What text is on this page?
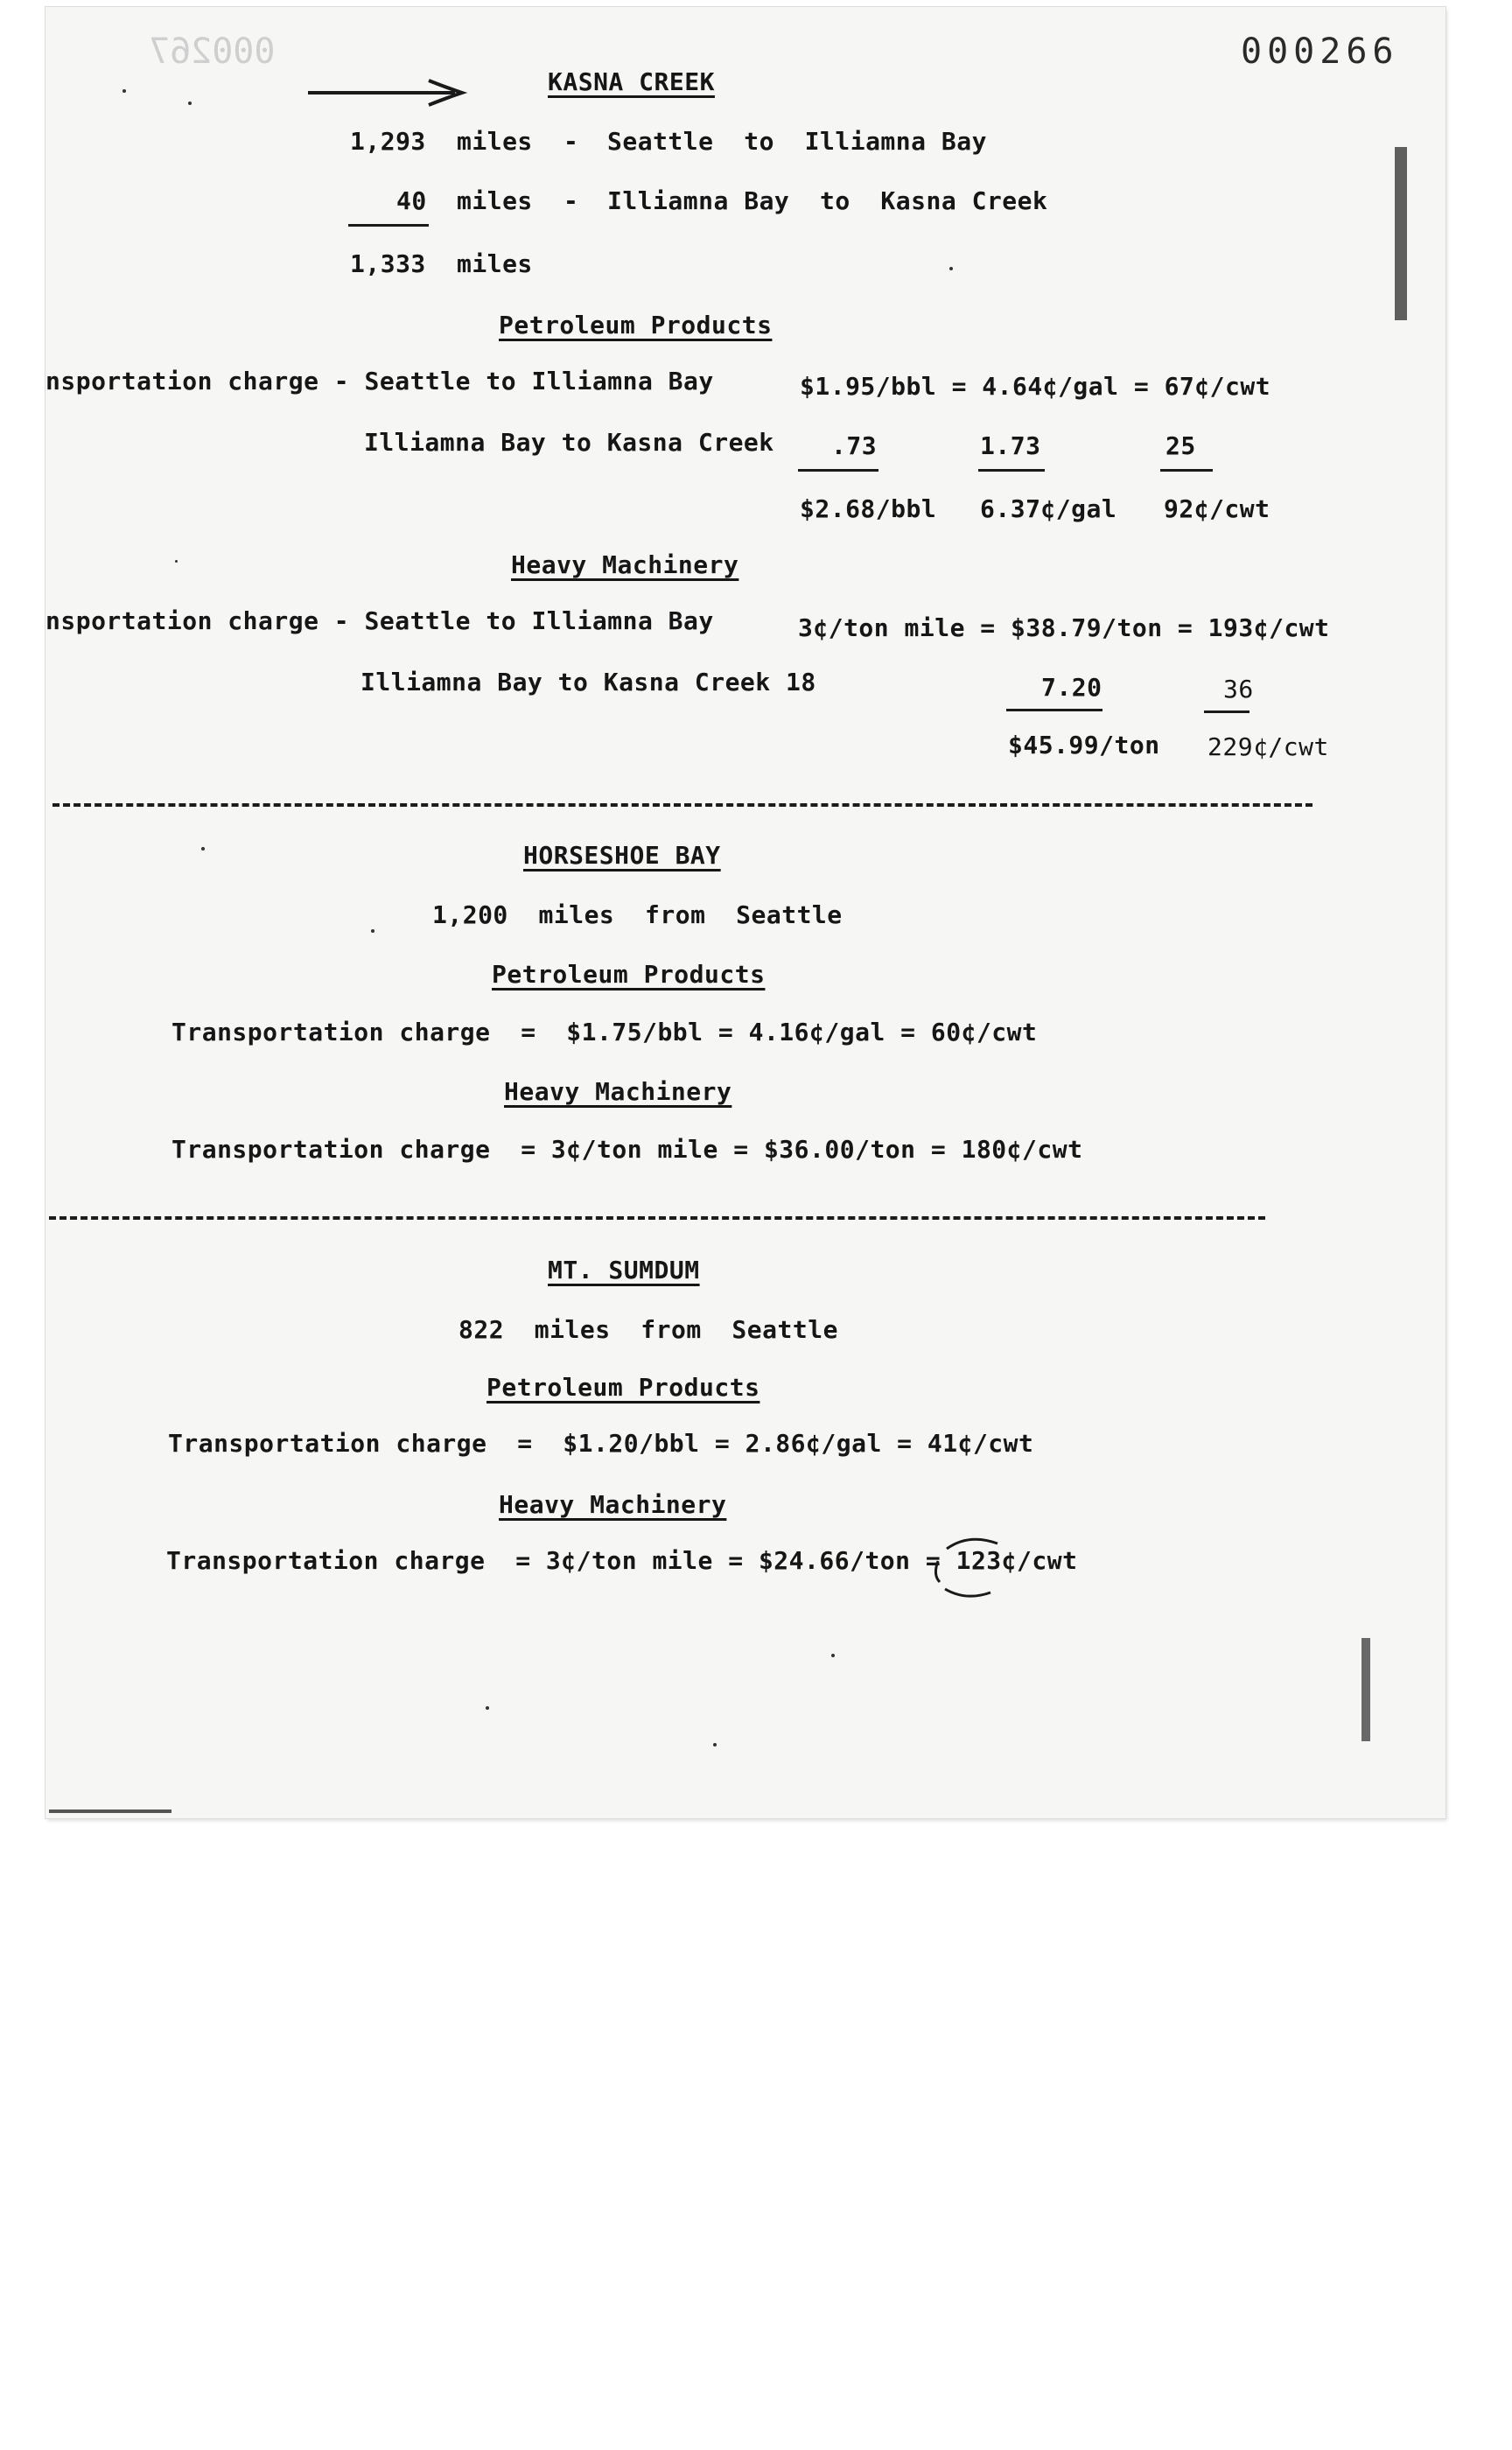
000267	000266
KASNA CREEK
1,293 miles - Seattle  to  Illiamna Bay
40 miles - Illiamna Bay  to  Kasna Creek
1,333 miles
Petroleum Products
nsportation charge - Seattle to Illiamna Bay	$1.95/bbl = 4.64¢/gal = 67¢/cwt
Illiamna Bay to Kasna Creek .73	1.73	25
$2.68/bbl 6.37¢/gal 92¢/cwt
Heavy Machinery
nsportation charge - Seattle to Illiamna Bay	3¢/ton mile = $38.79/ton = 193¢/cwt
Illiamna Bay to Kasna Creek 18	7.20	36
$45.99/ton 229¢/cwt
HORSESHOE BAY
1,200  miles  from  Seattle
Petroleum Products
Transportation charge  =  $1.75/bbl = 4.16¢/gal = 60¢/cwt
Heavy Machinery
Transportation charge  = 3¢/ton mile = $36.00/ton = 180¢/cwt
MT. SUMDUM
822  miles  from  Seattle
Petroleum Products
Transportation charge  =  $1.20/bbl = 2.86¢/gal = 41¢/cwt
Heavy Machinery
Transportation charge  = 3¢/ton mile = $24.66/ton = 123¢/cwt
